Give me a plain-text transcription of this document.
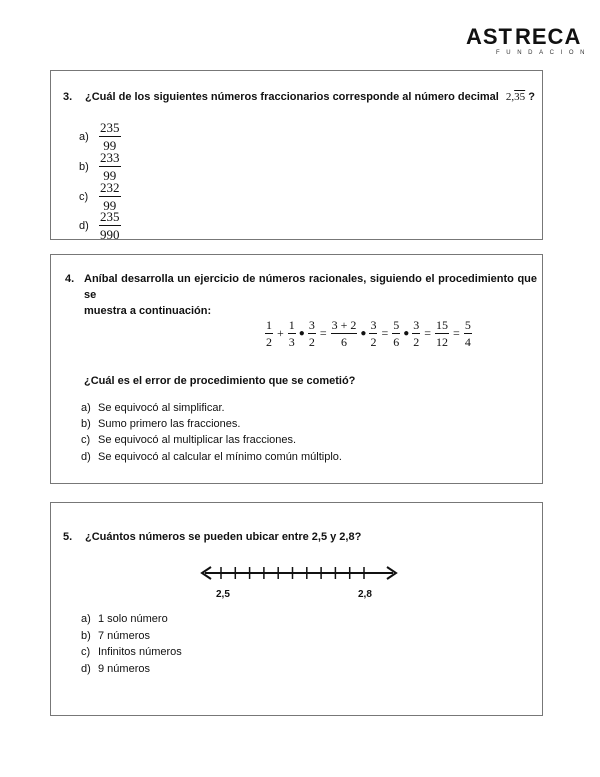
AST RECA
FUNDACION
3. ¿Cuál de los siguientes números fraccionarios corresponde al número decimal 2,35 ?
$a) \frac{235}{99}$
$b) \frac{233}{99}$
$c) \frac{232}{99}$
$d) \frac{235}{990}$
4. Aníbal desarrolla un ejercicio de números racionales, siguiendo el procedimiento que se
muestra a continuación:
$\frac{1}{2} + \frac{1}{3}$ ● $\frac{3}{2} = \frac{3 + 2}{6}$ ● $\frac{3}{2} = \frac{5}{6}$ ● $\frac{3}{2} = \frac{15}{12} = \frac{5}{4}$
¿Cuál es el error de procedimiento que se cometió?
a) Se equivocó al simplificar.
b) Sumo primero las fracciones.
c) Se equivocó al multiplicar las fracciones.
d) Se equivocó al calcular el mínimo común múltiplo.
5. ¿Cuántos números se pueden ubicar entre 2,5 y 2,8?
2,5	2,8
a) 1 solo número
b) 7 números
c) Infinitos números
d) 9 números
